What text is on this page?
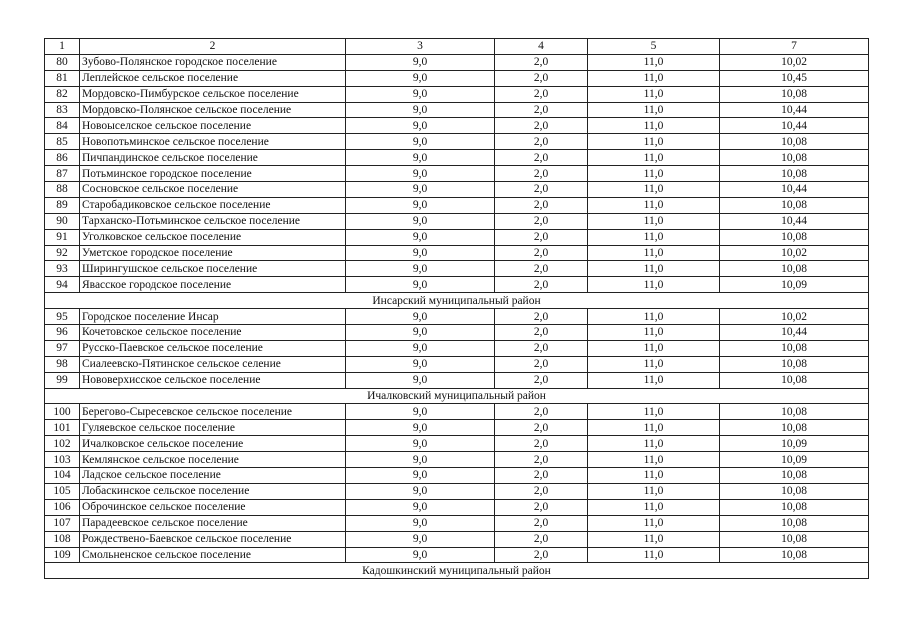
1	2	3	4	5	7
80	Зубово-Полянское городское поселение	9,0	2,0	11,0	10,02
81	Леплейское сельское поселение	9,0	2,0	11,0	10,45
82	Мордовско-Пимбурское сельское поселение	9,0	2,0	11,0	10,08
83	Мордовско-Полянское сельское поселение	9,0	2,0	11,0	10,44
84	Новоыселское сельское поселение	9,0	2,0	11,0	10,44
85	Новопотьминское сельское поселение	9,0	2,0	11,0	10,08
86	Пичпандинское сельское поселение	9,0	2,0	11,0	10,08
87	Потьминское городское поселение	9,0	2,0	11,0	10,08
88	Сосновское сельское поселение	9,0	2,0	11,0	10,44
89	Старобадиковское сельское поселение	9,0	2,0	11,0	10,08
90	Тарханско-Потьминское сельское поселение	9,0	2,0	11,0	10,44
91	Уголковское сельское поселение	9,0	2,0	11,0	10,08
92	Уметское городское поселение	9,0	2,0	11,0	10,02
93	Ширингушское сельское поселение	9,0	2,0	11,0	10,08
94	Явасское городское поселение	9,0	2,0	11,0	10,09
Инсарский муниципальный район					
95	Городское поселение Инсар	9,0	2,0	11,0	10,02
96	Кочетовское сельское поселение	9,0	2,0	11,0	10,44
97	Русско-Паевское сельское поселение	9,0	2,0	11,0	10,08
98	Сиалеевско-Пятинское сельское селение	9,0	2,0	11,0	10,08
99	Нововерхисское сельское поселение	9,0	2,0	11,0	10,08
Ичалковский муниципальный район					
100	Берегово-Сыресевское сельское поселение	9,0	2,0	11,0	10,08
101	Гуляевское сельское поселение	9,0	2,0	11,0	10,08
102	Ичалковское сельское поселение	9,0	2,0	11,0	10,09
103	Кемлянское сельское поселение	9,0	2,0	11,0	10,09
104	Ладское сельское поселение	9,0	2,0	11,0	10,08
105	Лобаскинское сельское поселение	9,0	2,0	11,0	10,08
106	Оброчинское сельское поселение	9,0	2,0	11,0	10,08
107	Парадеевское сельское поселение	9,0	2,0	11,0	10,08
108	Рождествено-Баевское сельское поселение	9,0	2,0	11,0	10,08
109	Смольненское сельское поселение	9,0	2,0	11,0	10,08
Кадошкинский муниципальный район					
